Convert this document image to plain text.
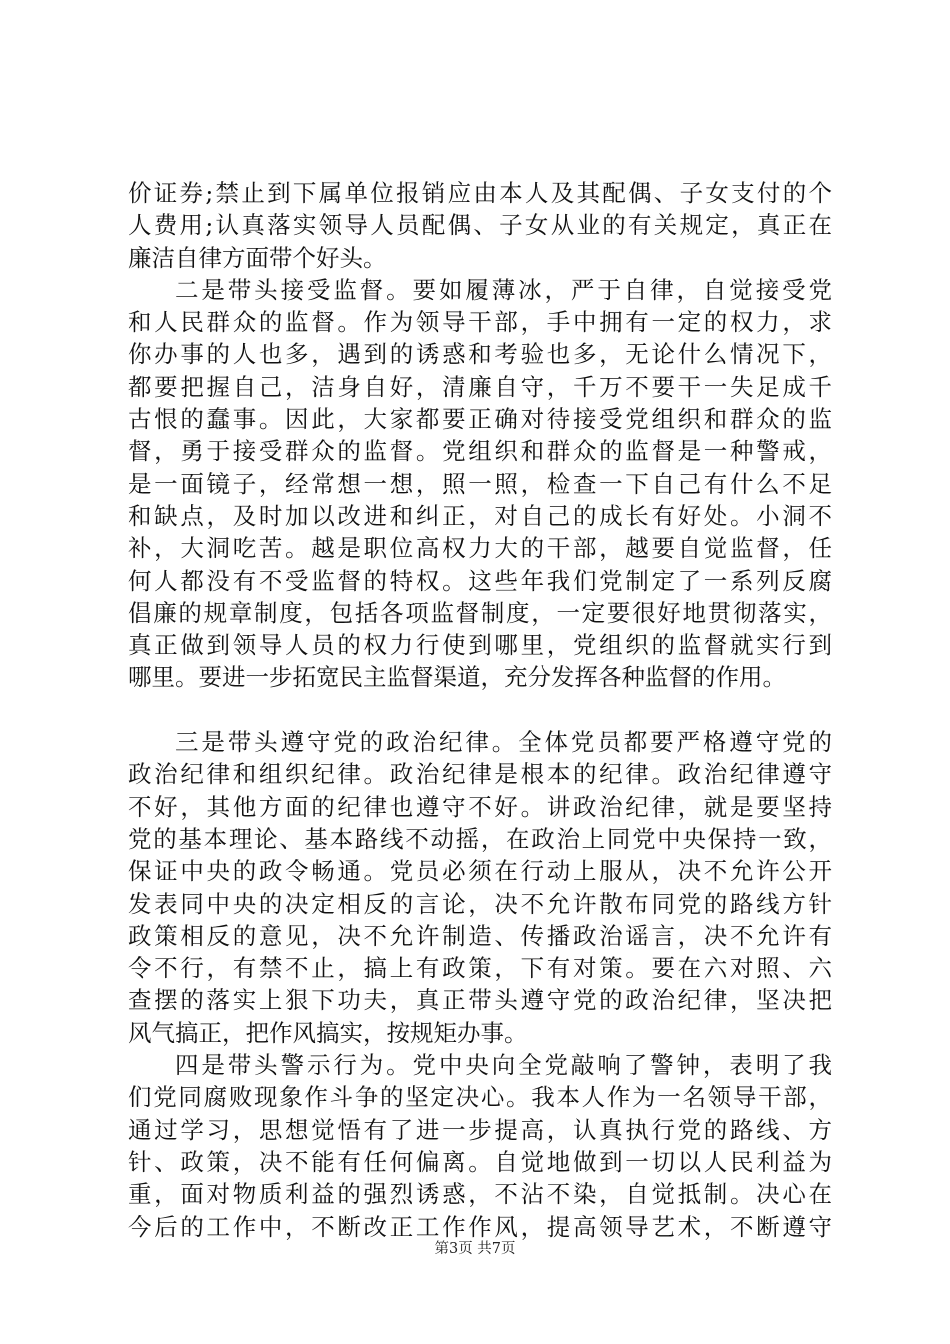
价证券;禁止到下属单位报销应由本人及其配偶、子女支付的个
人费用;认真落实领导人员配偶、子女从业的有关规定，真正在
廉洁自律方面带个好头。
二是带头接受监督。要如履薄冰，严于自律，自觉接受党
和人民群众的监督。作为领导干部，手中拥有一定的权力，求
你办事的人也多，遇到的诱惑和考验也多，无论什么情况下，
都要把握自己，洁身自好，清廉自守，千万不要干一失足成千
古恨的蠢事。因此，大家都要正确对待接受党组织和群众的监
督，勇于接受群众的监督。党组织和群众的监督是一种警戒，
是一面镜子，经常想一想，照一照，检查一下自己有什么不足
和缺点，及时加以改进和纠正，对自己的成长有好处。小洞不
补，大洞吃苦。越是职位高权力大的干部，越要自觉监督，任
何人都没有不受监督的特权。这些年我们党制定了一系列反腐
倡廉的规章制度，包括各项监督制度，一定要很好地贯彻落实，
真正做到领导人员的权力行使到哪里，党组织的监督就实行到
哪里。要进一步拓宽民主监督渠道，充分发挥各种监督的作用。
三是带头遵守党的政治纪律。全体党员都要严格遵守党的
政治纪律和组织纪律。政治纪律是根本的纪律。政治纪律遵守
不好，其他方面的纪律也遵守不好。讲政治纪律，就是要坚持
党的基本理论、基本路线不动摇，在政治上同党中央保持一致，
保证中央的政令畅通。党员必须在行动上服从，决不允许公开
发表同中央的决定相反的言论，决不允许散布同党的路线方针
政策相反的意见，决不允许制造、传播政治谣言，决不允许有
令不行，有禁不止，搞上有政策，下有对策。要在六对照、六
查摆的落实上狠下功夫，真正带头遵守党的政治纪律，坚决把
风气搞正，把作风搞实，按规矩办事。
四是带头警示行为。党中央向全党敲响了警钟，表明了我
们党同腐败现象作斗争的坚定决心。我本人作为一名领导干部，
通过学习，思想觉悟有了进一步提高，认真执行党的路线、方
针、政策，决不能有任何偏离。自觉地做到一切以人民利益为
重，面对物质利益的强烈诱惑，不沾不染，自觉抵制。决心在
今后的工作中，不断改正工作作风，提高领导艺术，不断遵守
第3页 共7页
